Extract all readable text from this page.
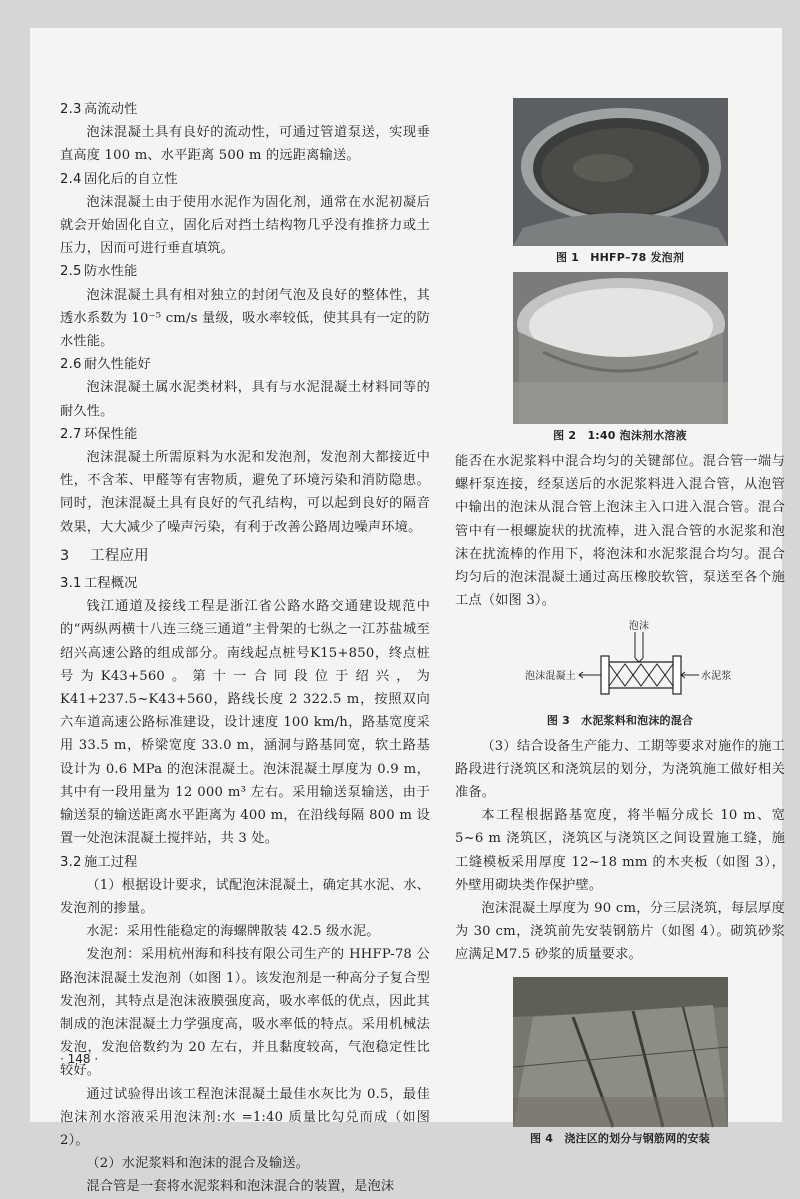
2.3 高流动性

泡沫混凝土具有良好的流动性，可通过管道泵送，实现垂直高度 100 m、水平距离 500 m 的远距离输送。

2.4 固化后的自立性

泡沫混凝土由于使用水泥作为固化剂，通常在水泥初凝后就会开始固化自立，固化后对挡土结构物几乎没有推挤力或土压力，因而可进行垂直填筑。

2.5 防水性能

泡沫混凝土具有相对独立的封闭气泡及良好的整体性，其透水系数为 10⁻⁵ cm/s 量级，吸水率较低，使其具有一定的防水性能。

2.6 耐久性能好

泡沫混凝土属水泥类材料，具有与水泥混凝土材料同等的耐久性。

2.7 环保性能

泡沫混凝土所需原料为水泥和发泡剂，发泡剂大都接近中性，不含苯、甲醛等有害物质，避免了环境污染和消防隐患。同时，泡沫混凝土具有良好的气孔结构，可以起到良好的隔音效果，大大减少了噪声污染，有利于改善公路周边噪声环境。

3 工程应用
3.1 工程概况

钱江通道及接线工程是浙江省公路水路交通建设规范中的“两纵两横十八连三绕三通道”主骨架的七纵之一江苏盐城至绍兴高速公路的组成部分。南线起点桩号K15+850，终点桩号为K43+560。第十一合同段位于绍兴，为K41+237.5~K43+560，路线长度 2 322.5 m，按照双向六车道高速公路标准建设，设计速度 100 km/h，路基宽度采用 33.5 m，桥梁宽度 33.0 m，涵洞与路基同宽，软土路基设计为 0.6 MPa 的泡沫混凝土。泡沫混凝土厚度为 0.9 m，其中有一段用量为 12 000 m³ 左右。采用输送泵输送，由于输送泵的输送距离水平距离为 400 m，在沿线每隔 800 m 设置一处泡沫混凝土搅拌站，共 3 处。

3.2 施工过程

（1）根据设计要求，试配泡沫混凝土，确定其水泥、水、发泡剂的掺量。

水泥：采用性能稳定的海螺牌散装 42.5 级水泥。

发泡剂：采用杭州海和科技有限公司生产的 HHFP-78 公路泡沫混凝土发泡剂（如图 1）。该发泡剂是一种高分子复合型发泡剂，其特点是泡沫液膜强度高，吸水率低的优点，因此其制成的泡沫混凝土力学强度高，吸水率低的特点。采用机械法发泡，发泡倍数约为 20 左右，并且黏度较高，气泡稳定性比较好。

通过试验得出该工程泡沫混凝土最佳水灰比为 0.5，最佳泡沫剂水溶液采用泡沫剂:水 =1:40 质量比勾兑而成（如图 2）。

（2）水泥浆料和泡沫的混合及输送。

混合管是一套将水泥浆料和泡沫混合的装置，是泡沫

图 1　HHFP–78 发泡剂
图 2　1:40 泡沫剂水溶液

能否在水泥浆料中混合均匀的关键部位。混合管一端与螺杆泵连接，经泵送后的水泥浆料进入混合管，从泡管中输出的泡沫从混合管上泡沫主入口进入混合管。混合管中有一根螺旋状的扰流棒，进入混合管的水泥浆和泡沫在扰流棒的作用下，将泡沫和水泥浆混合均匀。混合均匀后的泡沫混凝土通过高压橡胶软管，泵送至各个施工点（如图 3）。

泡沫
水泥浆
泡沫混凝土
图 3　水泥浆料和泡沫的混合

（3）结合设备生产能力、工期等要求对施作的施工路段进行浇筑区和浇筑层的划分，为浇筑施工做好相关准备。

本工程根据路基宽度，将半幅分成长 10 m、宽 5~6 m 浇筑区，浇筑区与浇筑区之间设置施工缝，施工缝模板采用厚度 12~18 mm 的木夹板（如图 3），外壁用砌块类作保护壁。

泡沫混凝土厚度为 90 cm，分三层浇筑，每层厚度为 30 cm，浇筑前先安装钢筋片（如图 4）。砌筑砂浆应满足M7.5 砂浆的质量要求。

图 4　浇注区的划分与钢筋网的安装
· 148 ·
